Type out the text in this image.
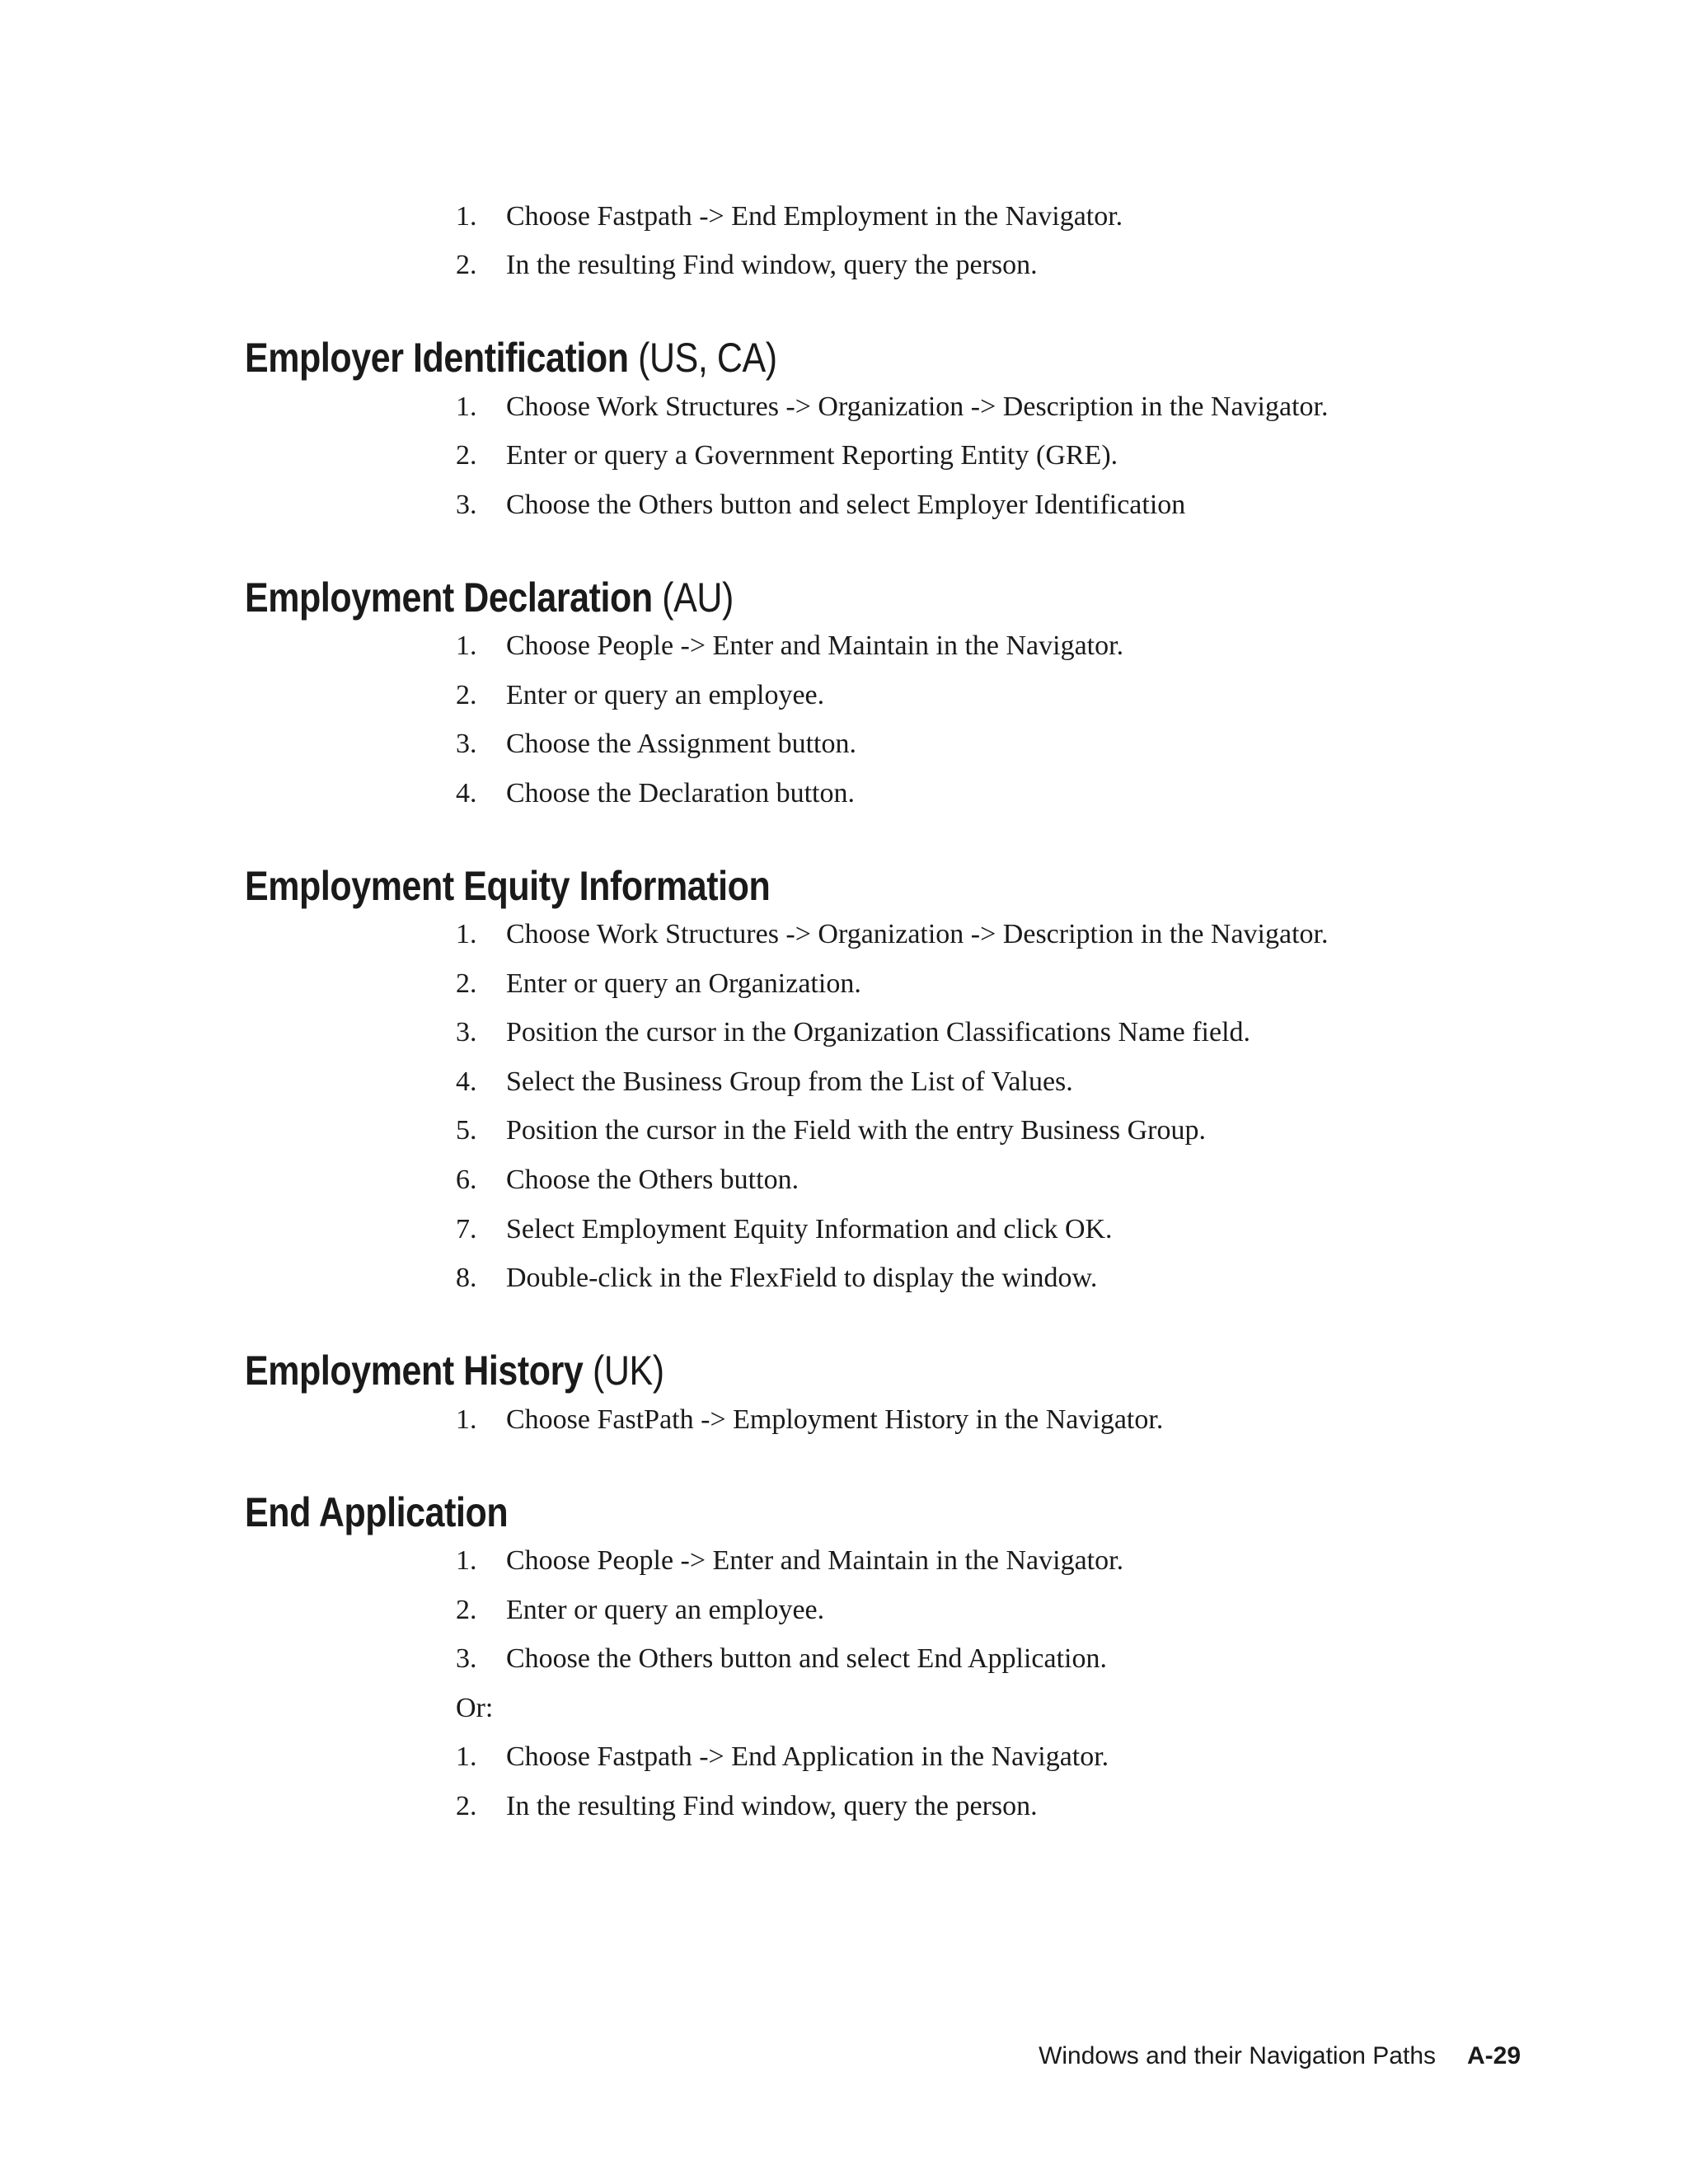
1. Choose Fastpath -> End Employment in the Navigator.

2. In the resulting Find window, query the person.

Employer Identification (US, CA)

1. Choose Work Structures -> Organization -> Description in the Navigator.

2. Enter or query a Government Reporting Entity (GRE).

3. Choose the Others button and select Employer Identification

Employment Declaration (AU)

1. Choose People -> Enter and Maintain in the Navigator.

2. Enter or query an employee.

3. Choose the Assignment button.

4. Choose the Declaration button.

Employment Equity Information

1. Choose Work Structures -> Organization -> Description in the Navigator.

2. Enter or query an Organization.

3. Position the cursor in the Organization Classifications Name field.

4. Select the Business Group from the List of Values.

5. Position the cursor in the Field with the entry Business Group.

6. Choose the Others button.

7. Select Employment Equity Information and click OK.

8. Double-click in the FlexField to display the window.

Employment History (UK)

1. Choose FastPath -> Employment History in the Navigator.

End Application

1. Choose People -> Enter and Maintain in the Navigator.

2. Enter or query an employee.

3. Choose the Others button and select End Application.

Or:

1. Choose Fastpath -> End Application in the Navigator.

2. In the resulting Find window, query the person.

Windows and their Navigation Paths A-29
